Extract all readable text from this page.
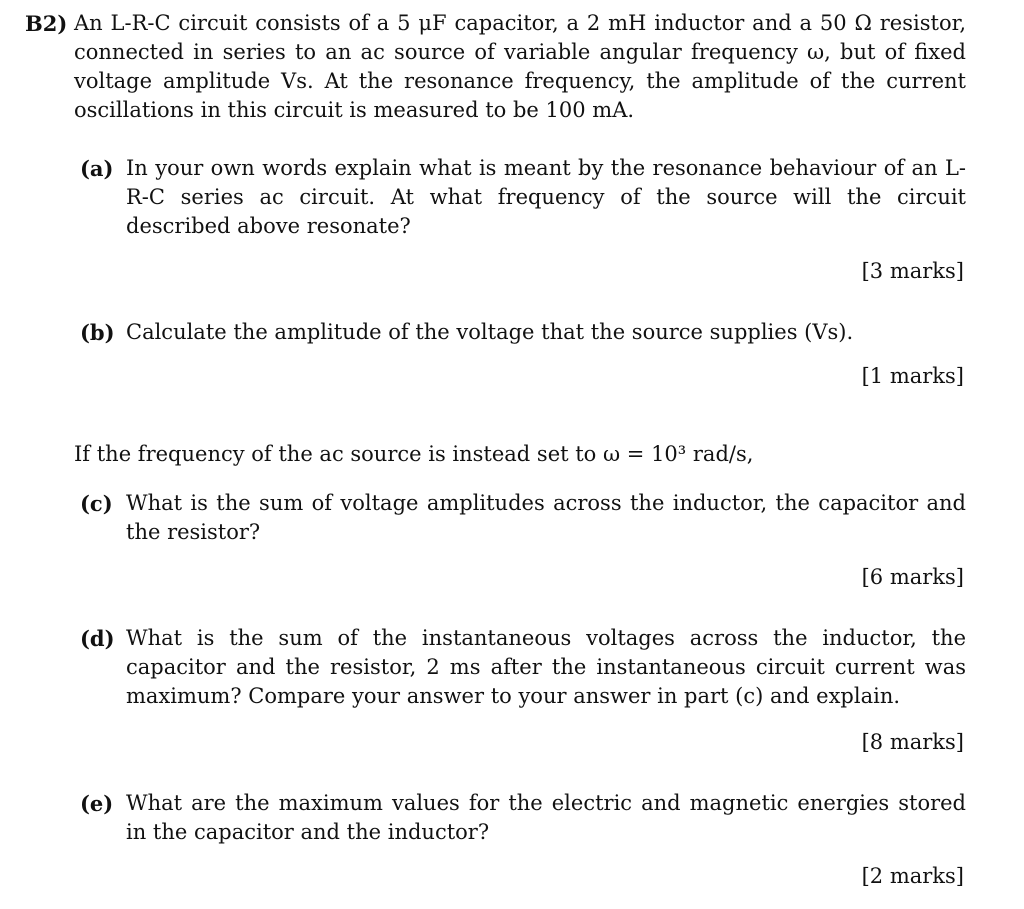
B2) An L-R-C circuit consists of a 5 μF capacitor, a 2 mH inductor and a 50 Ω resistor, connected in series to an ac source of variable angular frequency ω, but of fixed voltage amplitude Vs. At the resonance frequency, the amplitude of the current oscillations in this circuit is measured to be 100 mA.
(a) In your own words explain what is meant by the resonance behaviour of an L-R-C series ac circuit. At what frequency of the source will the circuit described above resonate?
[3 marks]
(b) Calculate the amplitude of the voltage that the source supplies (Vs).
[1 marks]
If the frequency of the ac source is instead set to ω = 10³ rad/s,
(c) What is the sum of voltage amplitudes across the inductor, the capacitor and the resistor?
[6 marks]
(d) What is the sum of the instantaneous voltages across the inductor, the capacitor and the resistor, 2 ms after the instantaneous circuit current was maximum? Compare your answer to your answer in part (c) and explain.
[8 marks]
(e) What are the maximum values for the electric and magnetic energies stored in the capacitor and the inductor?
[2 marks]
